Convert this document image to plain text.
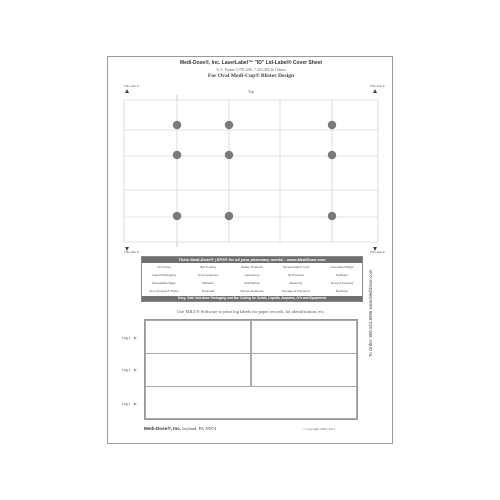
Medi-Dose®, Inc. LaserLabel™ "ID" Lid-Label® Cover Sheet
U.S. Patent 5,781,636; 7,453,485 & Others
For Oval Medi-Cup® Blister Design
Top
This side in	This side in
This side in	This side in
Think Medi-Dose® | EPS® for all your pharmacy needs! - www.MediDose.com
Unit Dose	Bar Coding	Safety Products	TamperSafe® Lock	Automated Bags
Liquid Packaging	IV Accessories	Laboratory	ID Products	Software
Resealable Bags	Filtration	Ophthalmic	Maternity	Record Keeping
Item Dropper® Bottle	Perinatal	Tamper Evidence	Storage & Transport	Newborn
Easy, Safe Unit-dose Packaging and Bar Coding for Solids, Liquids, Ampules, IV's and Equipment
Use MILT® Software to print log labels for paper records, lot identification, etc.
Log 1
Log 1
Log 1
To Order: 800.523.8966 www.MediDose.com
Medi-Dose®, Inc. Ivyland, PA 18974	© Copyright 2006, 2013
